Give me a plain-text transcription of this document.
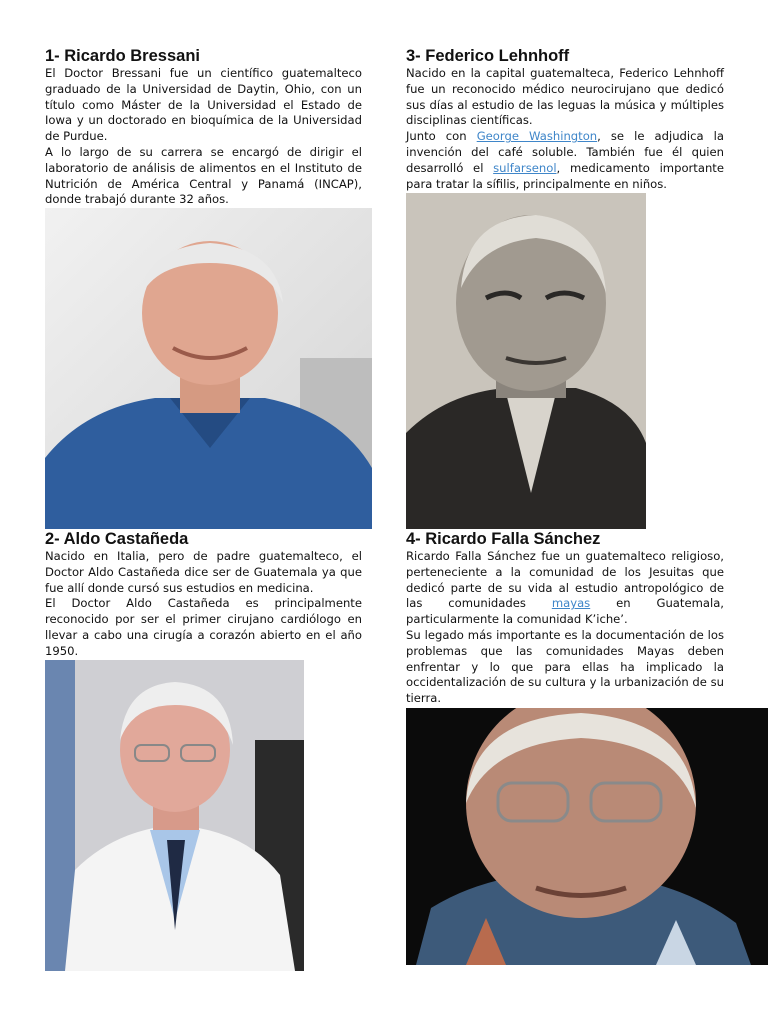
1- Ricardo Bressani

El Doctor Bressani fue un científico guatemalteco graduado de la Universidad de Daytin, Ohio, con un título como Máster de la Universidad el Estado de Iowa y un doctorado en bioquímica de la Universidad de Purdue.

A lo largo de su carrera se encargó de dirigir el laboratorio de análisis de alimentos en el Instituto de Nutrición de América Central y Panamá (INCAP), donde trabajó durante 32 años.

2- Aldo Castañeda

Nacido en Italia, pero de padre guatemalteco, el Doctor Aldo Castañeda dice ser de Guatemala ya que fue allí donde cursó sus estudios en medicina.

El Doctor Aldo Castañeda es principalmente reconocido por ser el primer cirujano cardiólogo en llevar a cabo una cirugía a corazón abierto en el año 1950.

3- Federico Lehnhoff

Nacido en la capital guatemalteca, Federico Lehnhoff fue un reconocido médico neurocirujano que dedicó sus días al estudio de las leguas la música y múltiples disciplinas científicas.

Junto con George Washington, se le adjudica la invención del café soluble. También fue él quien desarrolló el sulfarsenol, medicamento importante para tratar la sífilis, principalmente en niños.

4- Ricardo Falla Sánchez

Ricardo Falla Sánchez fue un guatemalteco religioso, perteneciente a la comunidad de los Jesuitas que dedicó parte de su vida al estudio antropológico de las comunidades mayas en Guatemala, particularmente la comunidad K’iche’.

Su legado más importante es la documentación de los problemas que las comunidades Mayas deben enfrentar y lo que para ellas ha implicado la occidentalización de su cultura y la urbanización de su tierra.
